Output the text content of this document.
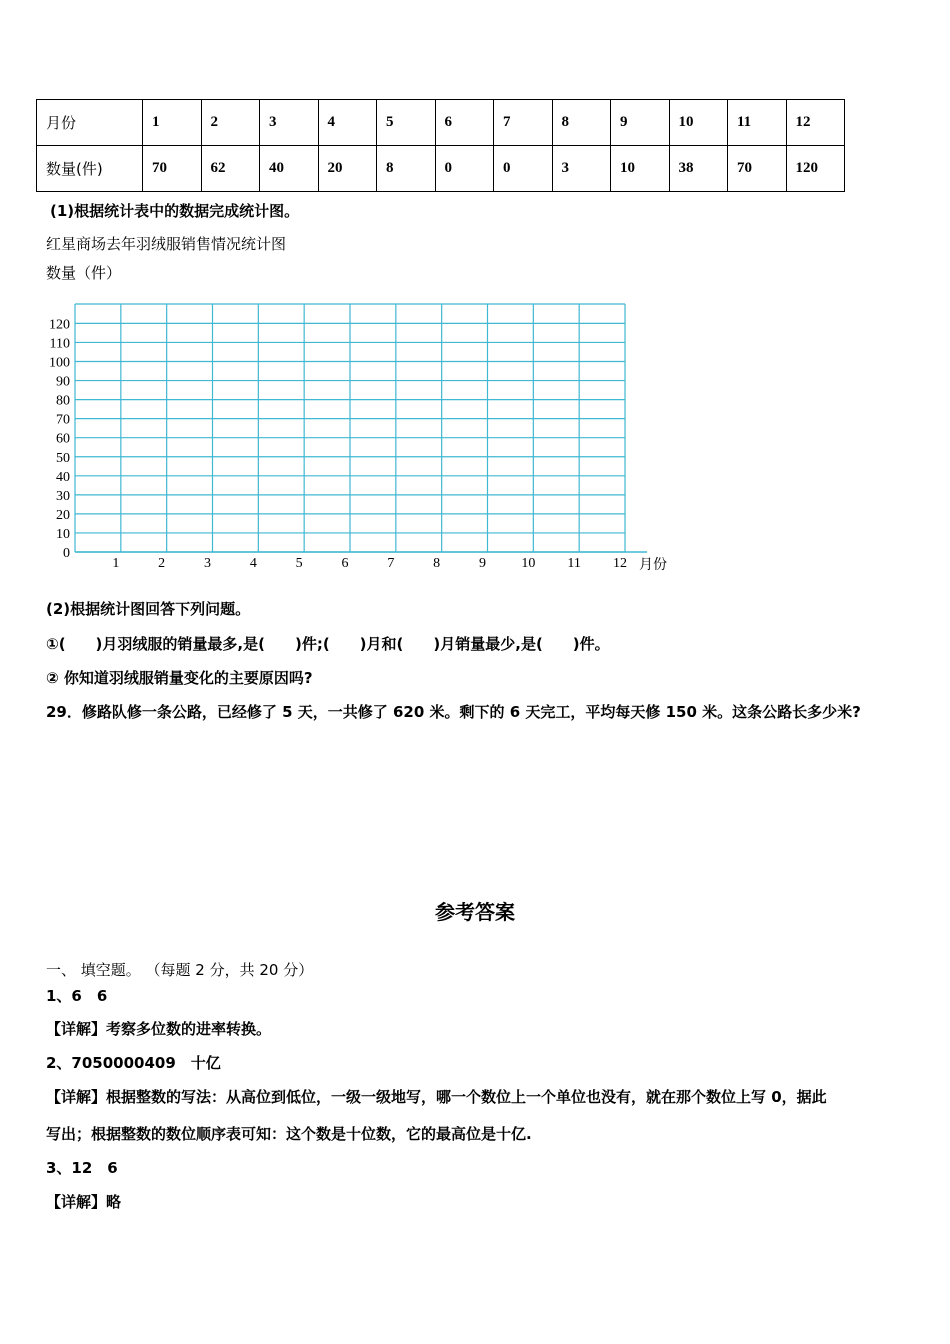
月份	1	2	3	4	5	6	7	8	9	10	11	12
数量(件)	70	62	40	20	8	0	0	3	10	38	70	120
(1)根据统计表中的数据完成统计图。
红星商场去年羽绒服销售情况统计图
数量（件）
0
10
20
30
40
50
60
70
80
90
100
110
120
1	2	3	4	5	6	7	8	9	10 11 12 月份
(2)根据统计图回答下列问题。
①(　　)月羽绒服的销量最多,是(　　)件;(　　)月和(　　)月销量最少,是(　　)件。
② 你知道羽绒服销量变化的主要原因吗?
29．修路队修一条公路，已经修了 5 天，一共修了 620 米。剩下的 6 天完工，平均每天修 150 米。这条公路长多少米?
参考答案
一、 填空题。 （每题 2 分，共 20 分）
1、6　6
【详解】考察多位数的进率转换。
2、7050000409　十亿
【详解】根据整数的写法：从高位到低位，一级一级地写，哪一个数位上一个单位也没有，就在那个数位上写 0，据此
写出；根据整数的数位顺序表可知：这个数是十位数，它的最高位是十亿.
3、12　6
【详解】略
